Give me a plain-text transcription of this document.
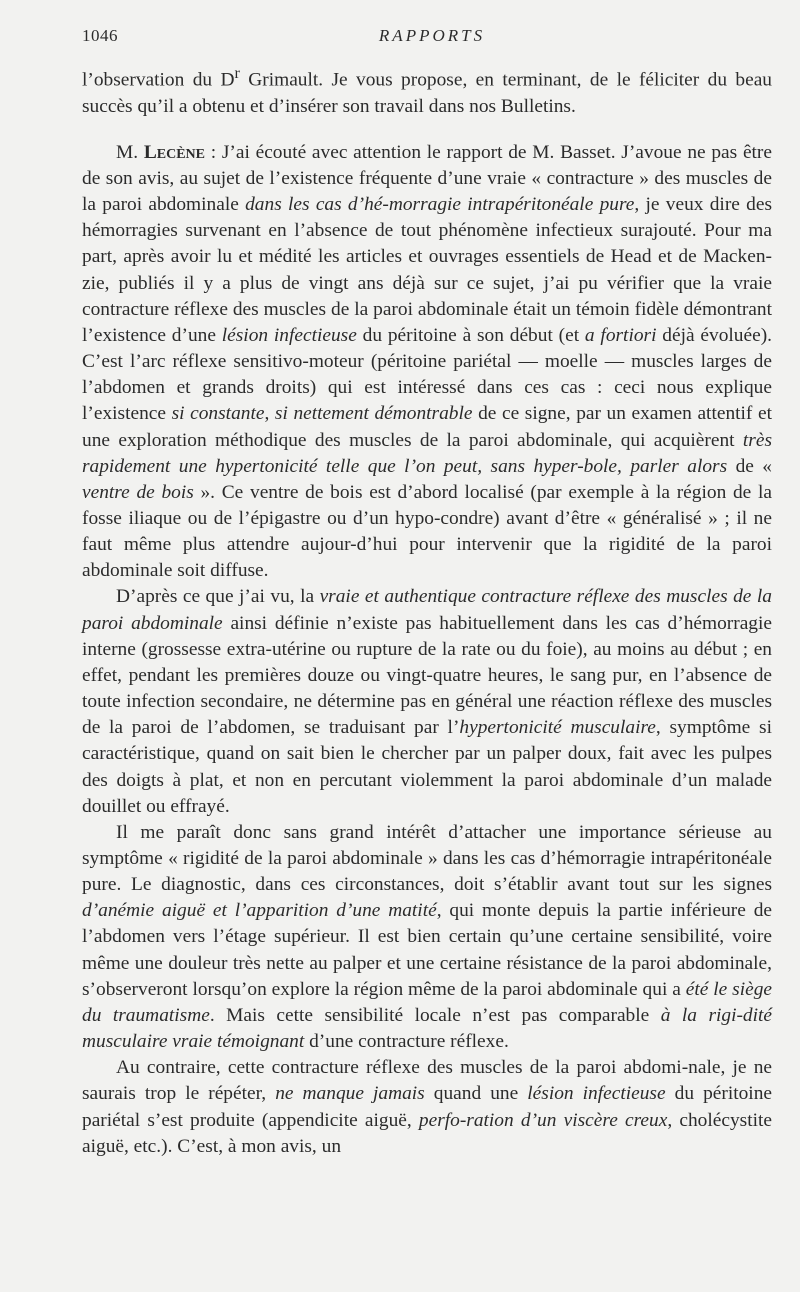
1046	RAPPORTS

l’observation du $D^r$ Grimault. Je vous propose, en terminant, de le féliciter du beau succès qu’il a obtenu et d’insérer son travail dans nos Bulletins.

M. Lecène : J’ai écouté avec attention le rapport de M. Basset. J’avoue ne pas être de son avis, au sujet de l’existence fréquente d’une vraie « contracture » des muscles de la paroi abdominale dans les cas d’hé-morragie intrapéritonéale pure, je veux dire des hémorragies survenant en l’absence de tout phénomène infectieux surajouté. Pour ma part, après avoir lu et médité les articles et ouvrages essentiels de Head et de Macken-zie, publiés il y a plus de vingt ans déjà sur ce sujet, j’ai pu vérifier que la vraie contracture réflexe des muscles de la paroi abdominale était un témoin fidèle démontrant l’existence d’une lésion infectieuse du péritoine à son début (et a fortiori déjà évoluée). C’est l’arc réflexe sensitivo-moteur (péritoine pariétal — moelle — muscles larges de l’abdomen et grands droits) qui est intéressé dans ces cas : ceci nous explique l’existence si constante, si nettement démontrable de ce signe, par un examen attentif et une exploration méthodique des muscles de la paroi abdominale, qui acquièrent très rapidement une hypertonicité telle que l’on peut, sans hyper-bole, parler alors de « ventre de bois ». Ce ventre de bois est d’abord localisé (par exemple à la région de la fosse iliaque ou de l’épigastre ou d’un hypo-condre) avant d’être « généralisé » ; il ne faut même plus attendre aujour-d’hui pour intervenir que la rigidité de la paroi abdominale soit diffuse.

D’après ce que j’ai vu, la vraie et authentique contracture réflexe des muscles de la paroi abdominale ainsi définie n’existe pas habituellement dans les cas d’hémorragie interne (grossesse extra-utérine ou rupture de la rate ou du foie), au moins au début ; en effet, pendant les premières douze ou vingt-quatre heures, le sang pur, en l’absence de toute infection secondaire, ne détermine pas en général une réaction réflexe des muscles de la paroi de l’abdomen, se traduisant par l’hypertonicité musculaire, symptôme si caractéristique, quand on sait bien le chercher par un palper doux, fait avec les pulpes des doigts à plat, et non en percutant violemment la paroi abdominale d’un malade douillet ou effrayé.

Il me paraît donc sans grand intérêt d’attacher une importance sérieuse au symptôme « rigidité de la paroi abdominale » dans les cas d’hémorragie intrapéritonéale pure. Le diagnostic, dans ces circonstances, doit s’établir avant tout sur les signes d’anémie aiguë et l’apparition d’une matité, qui monte depuis la partie inférieure de l’abdomen vers l’étage supérieur. Il est bien certain qu’une certaine sensibilité, voire même une douleur très nette au palper et une certaine résistance de la paroi abdominale, s’observeront lorsqu’on explore la région même de la paroi abdominale qui a été le siège du traumatisme. Mais cette sensibilité locale n’est pas comparable à la rigi-dité musculaire vraie témoignant d’une contracture réflexe.

Au contraire, cette contracture réflexe des muscles de la paroi abdomi-nale, je ne saurais trop le répéter, ne manque jamais quand une lésion infectieuse du péritoine pariétal s’est produite (appendicite aiguë, perfo-ration d’un viscère creux, cholécystite aiguë, etc.). C’est, à mon avis, un
